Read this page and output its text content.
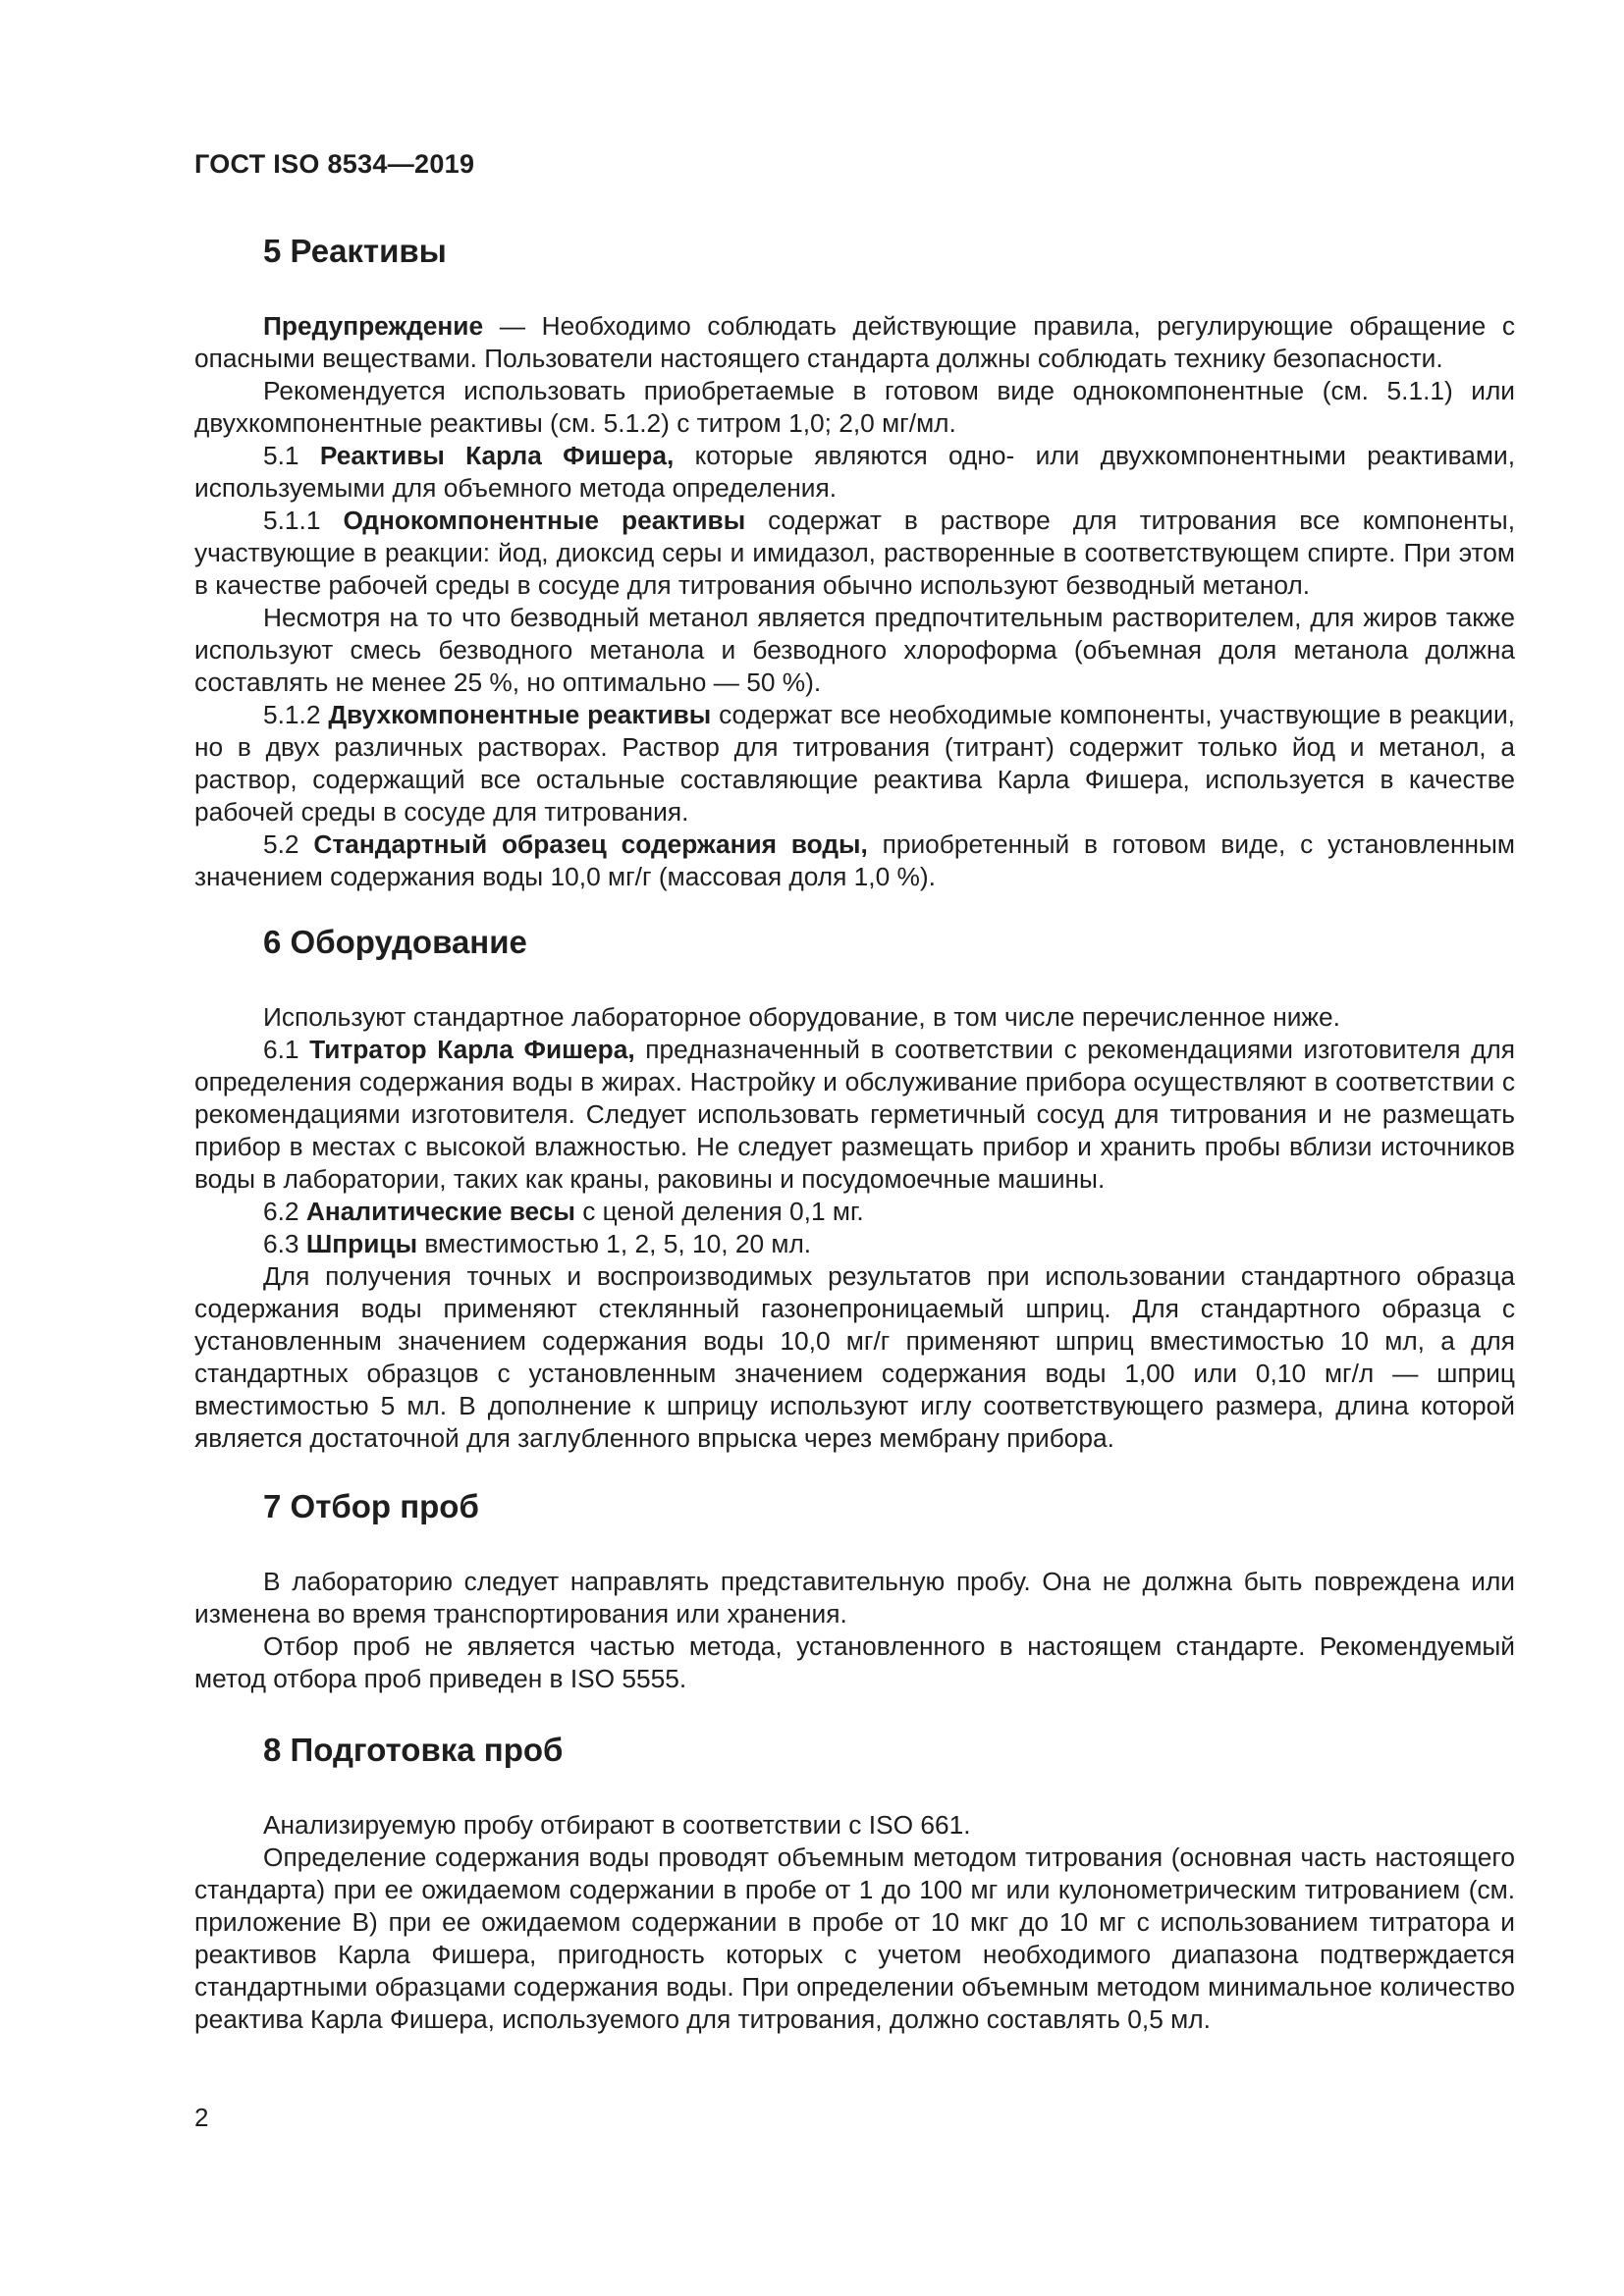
ГОСТ ISO 8534—2019
5 Реактивы

Предупреждение — Необходимо соблюдать действующие правила, регулирующие обращение с опасными веществами. Пользователи настоящего стандарта должны соблюдать технику безопасности.

Рекомендуется использовать приобретаемые в готовом виде однокомпонентные (см. 5.1.1) или двухкомпонентные реактивы (см. 5.1.2) с титром 1,0; 2,0 мг/мл.

5.1 Реактивы Карла Фишера, которые являются одно- или двухкомпонентными реактивами, используемыми для объемного метода определения.

5.1.1 Однокомпонентные реактивы содержат в растворе для титрования все компоненты, участвующие в реакции: йод, диоксид серы и имидазол, растворенные в соответствующем спирте. При этом в качестве рабочей среды в сосуде для титрования обычно используют безводный метанол.

Несмотря на то что безводный метанол является предпочтительным растворителем, для жиров также используют смесь безводного метанола и безводного хлороформа (объемная доля метанола должна составлять не менее 25 %, но оптимально — 50 %).

5.1.2 Двухкомпонентные реактивы содержат все необходимые компоненты, участвующие в реакции, но в двух различных растворах. Раствор для титрования (титрант) содержит только йод и метанол, а раствор, содержащий все остальные составляющие реактива Карла Фишера, используется в качестве рабочей среды в сосуде для титрования.

5.2 Стандартный образец содержания воды, приобретенный в готовом виде, с установленным значением содержания воды 10,0 мг/г (массовая доля 1,0 %).

6 Оборудование

Используют стандартное лабораторное оборудование, в том числе перечисленное ниже.

6.1 Титратор Карла Фишера, предназначенный в соответствии с рекомендациями изготовителя для определения содержания воды в жирах. Настройку и обслуживание прибора осуществляют в соответствии с рекомендациями изготовителя. Следует использовать герметичный сосуд для титрования и не размещать прибор в местах с высокой влажностью. Не следует размещать прибор и хранить пробы вблизи источников воды в лаборатории, таких как краны, раковины и посудомоечные машины.

6.2 Аналитические весы с ценой деления 0,1 мг.

6.3 Шприцы вместимостью 1, 2, 5, 10, 20 мл.

Для получения точных и воспроизводимых результатов при использовании стандартного образца содержания воды применяют стеклянный газонепроницаемый шприц. Для стандартного образца с установленным значением содержания воды 10,0 мг/г применяют шприц вместимостью 10 мл, а для стандартных образцов с установленным значением содержания воды 1,00 или 0,10 мг/л — шприц вместимостью 5 мл. В дополнение к шприцу используют иглу соответствующего размера, длина которой является достаточной для заглубленного впрыска через мембрану прибора.

7 Отбор проб

В лабораторию следует направлять представительную пробу. Она не должна быть повреждена или изменена во время транспортирования или хранения.

Отбор проб не является частью метода, установленного в настоящем стандарте. Рекомендуемый метод отбора проб приведен в ISO 5555.

8 Подготовка проб

Анализируемую пробу отбирают в соответствии с ISO 661.

Определение содержания воды проводят объемным методом титрования (основная часть настоящего стандарта) при ее ожидаемом содержании в пробе от 1 до 100 мг или кулонометрическим титрованием (см. приложение В) при ее ожидаемом содержании в пробе от 10 мкг до 10 мг с использованием титратора и реактивов Карла Фишера, пригодность которых с учетом необходимого диапазона подтверждается стандартными образцами содержания воды. При определении объемным методом минимальное количество реактива Карла Фишера, используемого для титрования, должно составлять 0,5 мл.

2
